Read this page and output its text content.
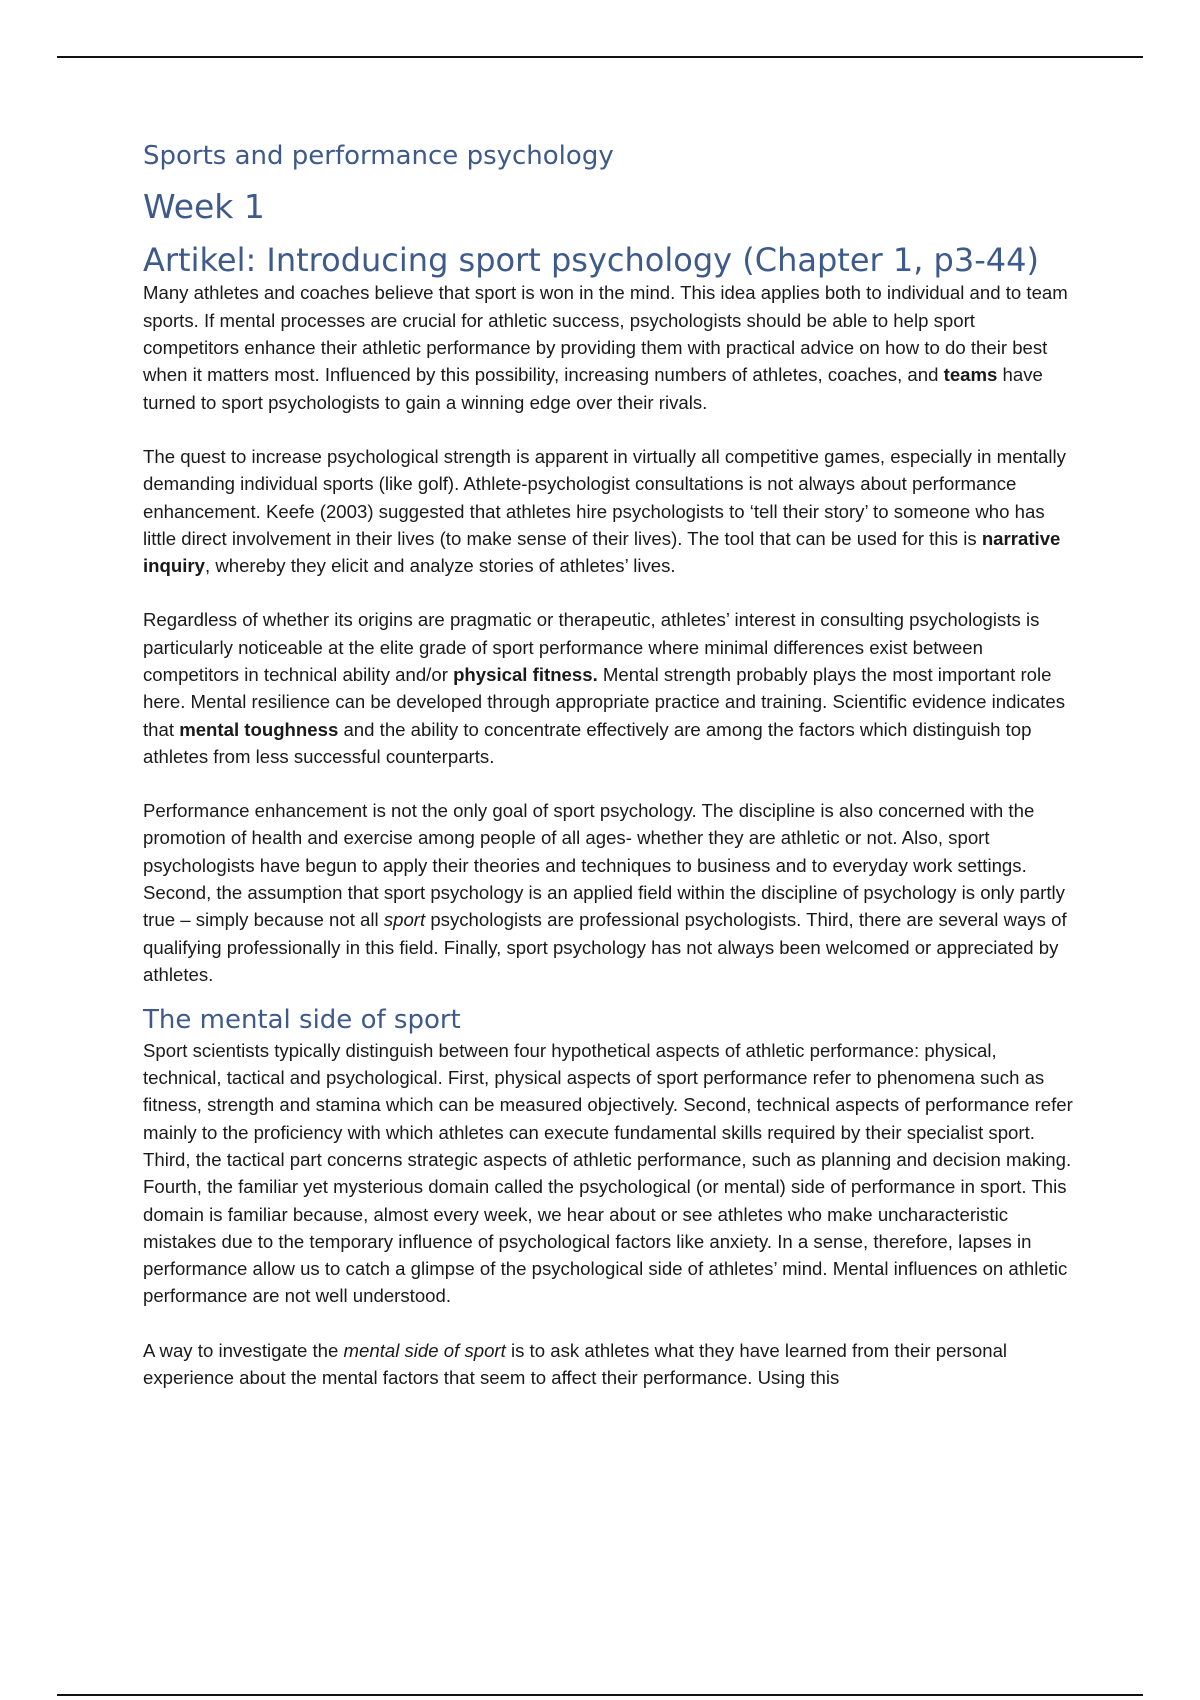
Sports and performance psychology
Week 1
Artikel: Introducing sport psychology (Chapter 1, p3-44)

Many athletes and coaches believe that sport is won in the mind. This idea applies both to individual and to team sports. If mental processes are crucial for athletic success, psychologists should be able to help sport competitors enhance their athletic performance by providing them with practical advice on how to do their best when it matters most. Influenced by this possibility, increasing numbers of athletes, coaches, and teams have turned to sport psychologists to gain a winning edge over their rivals.

The quest to increase psychological strength is apparent in virtually all competitive games, especially in mentally demanding individual sports (like golf). Athlete-psychologist consultations is not always about performance enhancement. Keefe (2003) suggested that athletes hire psychologists to ‘tell their story’ to someone who has little direct involvement in their lives (to make sense of their lives). The tool that can be used for this is narrative inquiry, whereby they elicit and analyze stories of athletes’ lives.

Regardless of whether its origins are pragmatic or therapeutic, athletes’ interest in consulting psychologists is particularly noticeable at the elite grade of sport performance where minimal differences exist between competitors in technical ability and/or physical fitness. Mental strength probably plays the most important role here. Mental resilience can be developed through appropriate practice and training. Scientific evidence indicates that mental toughness and the ability to concentrate effectively are among the factors which distinguish top athletes from less successful counterparts.

Performance enhancement is not the only goal of sport psychology. The discipline is also concerned with the promotion of health and exercise among people of all ages- whether they are athletic or not. Also, sport psychologists have begun to apply their theories and techniques to business and to everyday work settings. Second, the assumption that sport psychology is an applied field within the discipline of psychology is only partly true – simply because not all sport psychologists are professional psychologists. Third, there are several ways of qualifying professionally in this field. Finally, sport psychology has not always been welcomed or appreciated by athletes.

The mental side of sport

Sport scientists typically distinguish between four hypothetical aspects of athletic performance: physical, technical, tactical and psychological. First, physical aspects of sport performance refer to phenomena such as fitness, strength and stamina which can be measured objectively. Second, technical aspects of performance refer mainly to the proficiency with which athletes can execute fundamental skills required by their specialist sport. Third, the tactical part concerns strategic aspects of athletic performance, such as planning and decision making. Fourth, the familiar yet mysterious domain called the psychological (or mental) side of performance in sport. This domain is familiar because, almost every week, we hear about or see athletes who make uncharacteristic mistakes due to the temporary influence of psychological factors like anxiety. In a sense, therefore, lapses in performance allow us to catch a glimpse of the psychological side of athletes’ mind. Mental influences on athletic performance are not well understood.

A way to investigate the mental side of sport is to ask athletes what they have learned from their personal experience about the mental factors that seem to affect their performance. Using this
